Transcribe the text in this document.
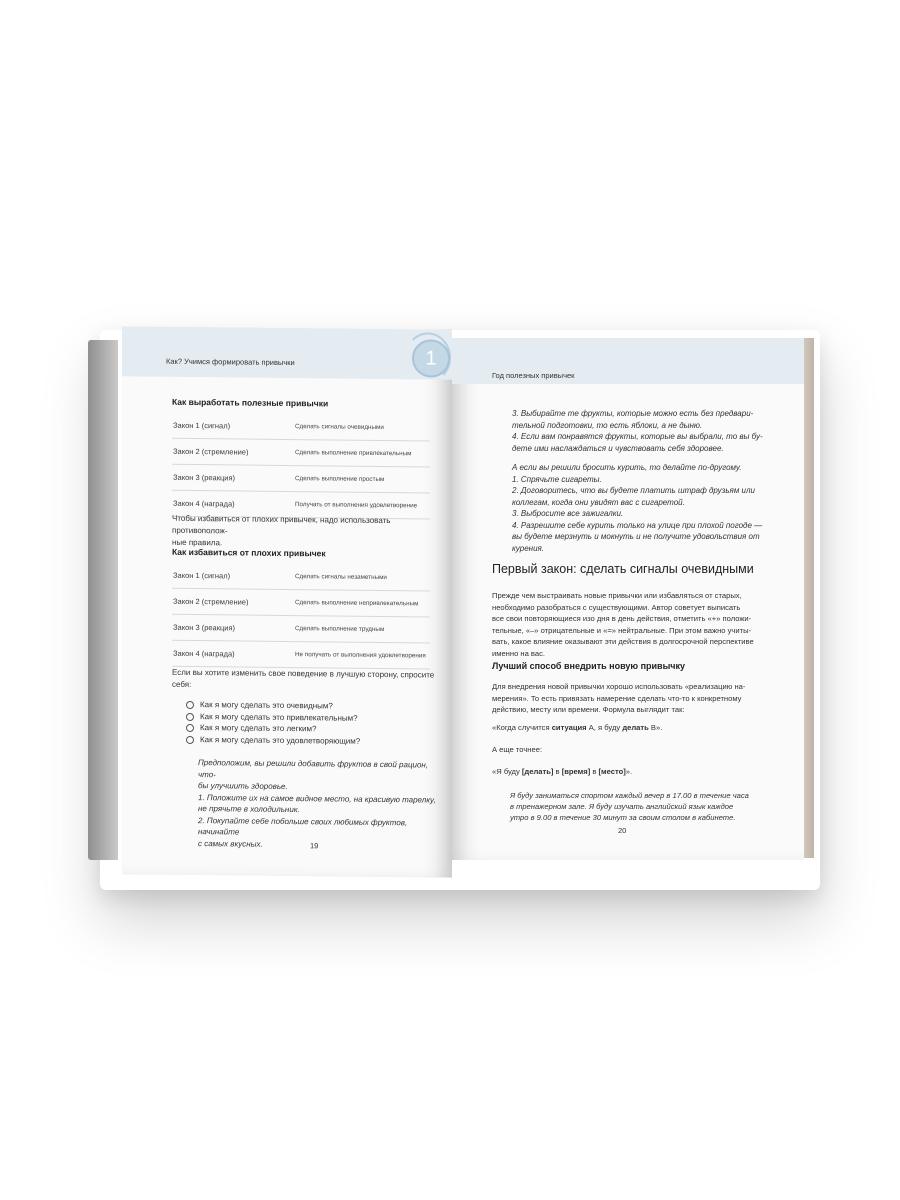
Как? Учимся формировать привычки	1
Как выработать полезные привычки
Закон 1 (сигнал)	Сделать сигналы очевидными
Закон 2 (стремление)	Сделать выполнение привлекательным
Закон 3 (реакция)	Сделать выполнение простым
Закон 4 (награда)	Получать от выполнения удовлетворение
Чтобы избавиться от плохих привычек, надо использовать противополож-
ные правила.
Как избавиться от плохих привычек
Закон 1 (сигнал)	Сделать сигналы незаметными
Закон 2 (стремление)	Сделать выполнение непривлекательным
Закон 3 (реакция)	Сделать выполнение трудным
Закон 4 (награда)	Не получать от выполнения удовлетворения
Если вы хотите изменить свое поведение в лучшую сторону, спросите
себя:
Как я могу сделать это очевидным?
Как я могу сделать это привлекательным?
Как я могу сделать это легким?
Как я могу сделать это удовлетворяющим?
Предположим, вы решили добавить фруктов в свой рацион, что-
бы улучшить здоровье.
1. Положите их на самое видное место, на красивую тарелку,
не прячьте в холодильник.
2. Покупайте себе побольше своих любимых фруктов, начинайте
с самых вкусных.	19
Год полезных привычек
3. Выбирайте те фрукты, которые можно есть без предвари-
тельной подготовки, то есть яблоки, а не дыню.
4. Если вам понравятся фрукты, которые вы выбрали, то вы бу-
дете ими наслаждаться и чувствовать себя здоровее.
А если вы решили бросить курить, то делайте по-другому.
1. Спрячьте сигареты.
2. Договоритесь, что вы будете платить штраф друзьям или
коллегам, когда они увидят вас с сигаретой.
3. Выбросите все зажигалки.
4. Разрешите себе курить только на улице при плохой погоде —
вы будете мерзнуть и мокнуть и не получите удовольствия от
курения.
Первый закон: сделать сигналы очевидными
Прежде чем выстраивать новые привычки или избавляться от старых,
необходимо разобраться с существующими. Автор советует выписать
все свои повторяющиеся изо дня в день действия, отметить «+» положи-
тельные, «–» отрицательные и «=» нейтральные. При этом важно учиты-
вать, какое влияние оказывают эти действия в долгосрочной перспективе
именно на вас.
Лучший способ внедрить новую привычку
Для внедрения новой привычки хорошо использовать «реализацию на-
мерения». То есть привязать намерение сделать что-то к конкретному
действию, месту или времени. Формула выглядит так:
«Когда случится ситуация А, я буду делать В».
А еще точнее:
«Я буду [делать] в [время] в [место]».
Я буду заниматься спортом каждый вечер в 17.00 в течение часа
в тренажерном зале. Я буду изучать английский язык каждое
утро в 9.00 в течение 30 минут за своим столом в кабинете.
20
